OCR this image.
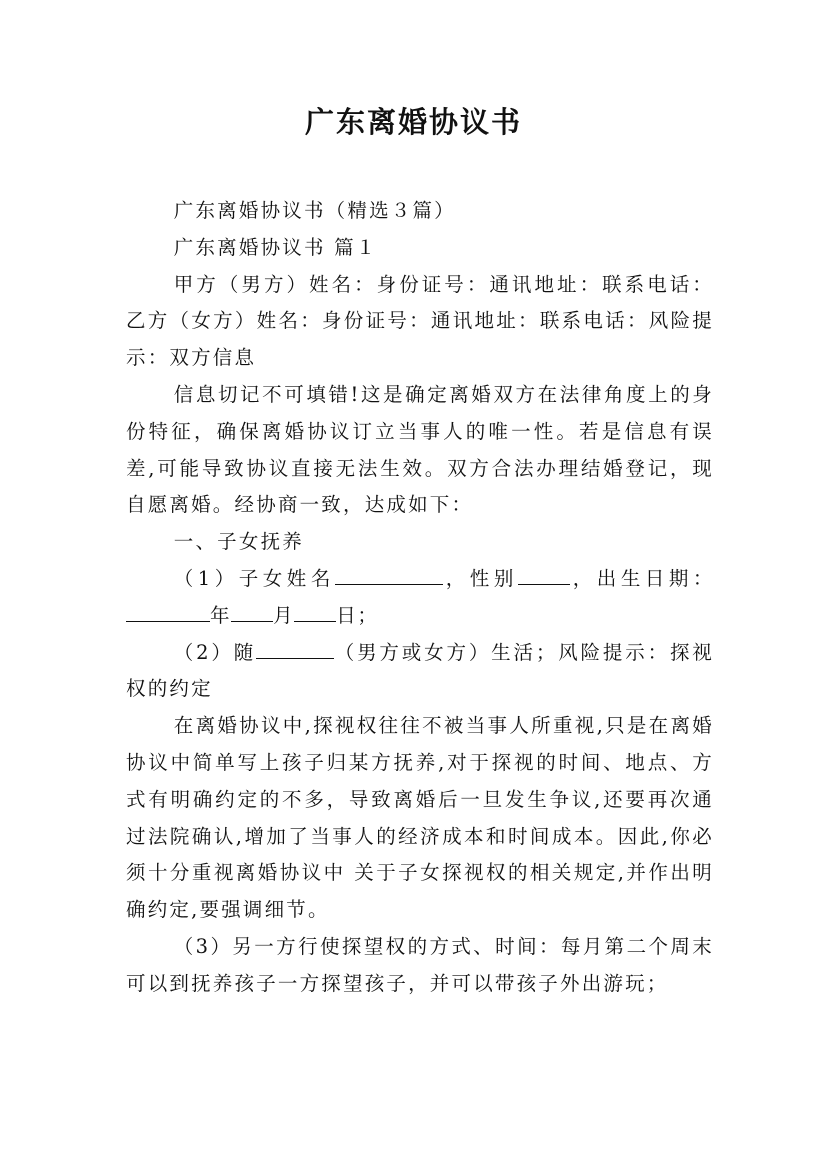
广东离婚协议书

广东离婚协议书（精选３篇）

广东离婚协议书 篇１

甲方（男方）姓名：身份证号：通讯地址：联系电话：乙方（女方）姓名：身份证号：通讯地址：联系电话：风险提示：双方信息

信息切记不可填错!这是确定离婚双方在法律角度上的身份特征，确保离婚协议订立当事人的唯一性。若是信息有误差,可能导致协议直接无法生效。双方合法办理结婚登记，现自愿离婚。经协商一致，达成如下：

一、子女抚养

（1）子女姓名	，性别	，出生日期：年 月 日；

（2）随	（男方或女方）生活；风险提示：探视权的约定

在离婚协议中,探视权往往不被当事人所重视,只是在离婚协议中简单写上孩子归某方抚养,对于探视的时间、地点、方式有明确约定的不多，导致离婚后一旦发生争议,还要再次通过法院确认,增加了当事人的经济成本和时间成本。因此,你必须十分重视离婚协议中 关于子女探视权的相关规定,并作出明确约定,要强调细节。

（3）另一方行使探望权的方式、时间：每月第二个周末可以到抚养孩子一方探望孩子，并可以带孩子外出游玩；
